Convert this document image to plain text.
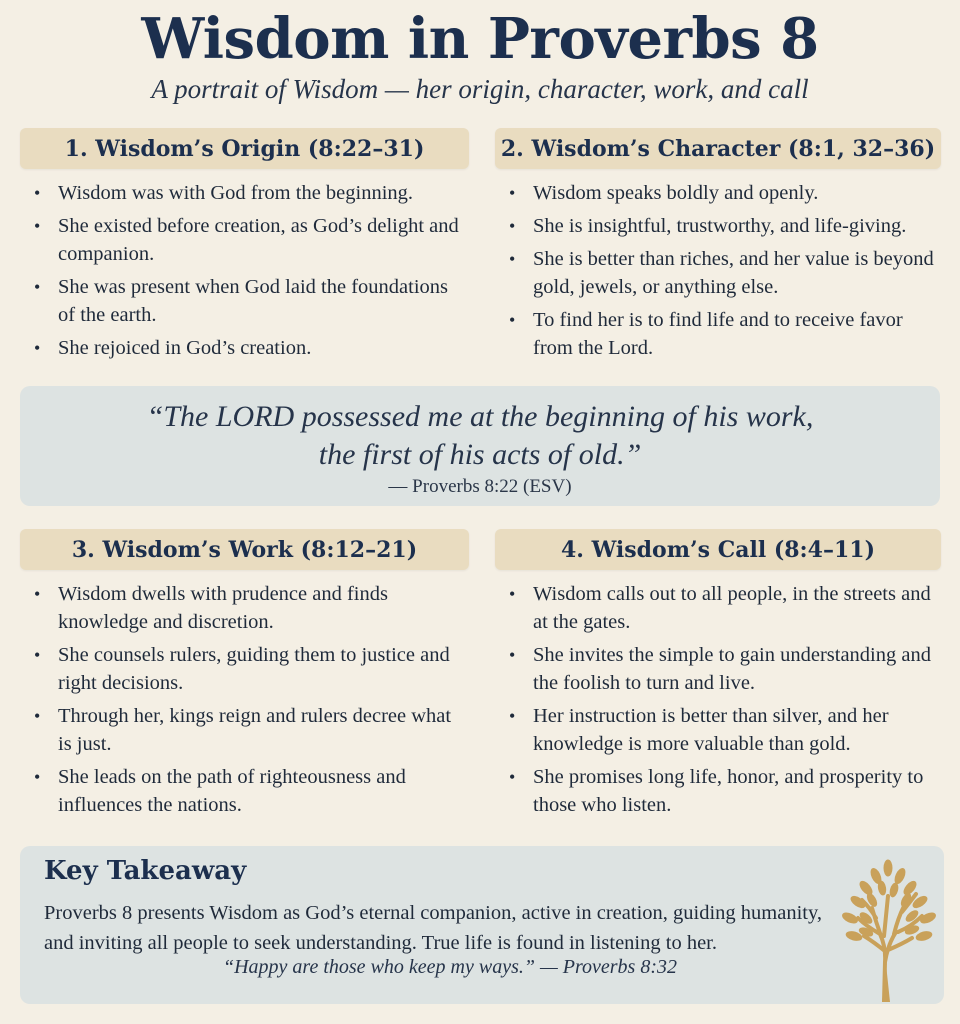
Wisdom in Proverbs 8
A portrait of Wisdom — her origin, character, work, and call
1. Wisdom’s Origin (8:22–31)
• Wisdom was with God from the beginning.
• She existed before creation, as God’s delight and companion.
• She was present when God laid the foundations of the earth.
• She rejoiced in God’s creation.
2. Wisdom’s Character (8:1, 32–36)
• Wisdom speaks boldly and openly.
• She is insightful, trustworthy, and life-giving.
• She is better than riches, and her value is beyond gold, jewels, or anything else.
• To find her is to find life and to receive favor from the Lord.
“The LORD possessed me at the beginning of his work,
the first of his acts of old.”
— Proverbs 8:22 (ESV)
3. Wisdom’s Work (8:12–21)
• Wisdom dwells with prudence and finds knowledge and discretion.
• She counsels rulers, guiding them to justice and right decisions.
• Through her, kings reign and rulers decree what is just.
• She leads on the path of righteousness and influences the nations.
4. Wisdom’s Call (8:4–11)
• Wisdom calls out to all people, in the streets and at the gates.
• She invites the simple to gain understanding and the foolish to turn and live.
• Her instruction is better than silver, and her knowledge is more valuable than gold.
• She promises long life, honor, and prosperity to those who listen.
Key Takeaway
Proverbs 8 presents Wisdom as God’s eternal companion, active in creation, guiding humanity, and inviting all people to seek understanding. True life is found in listening to her.
“Happy are those who keep my ways.” — Proverbs 8:32
